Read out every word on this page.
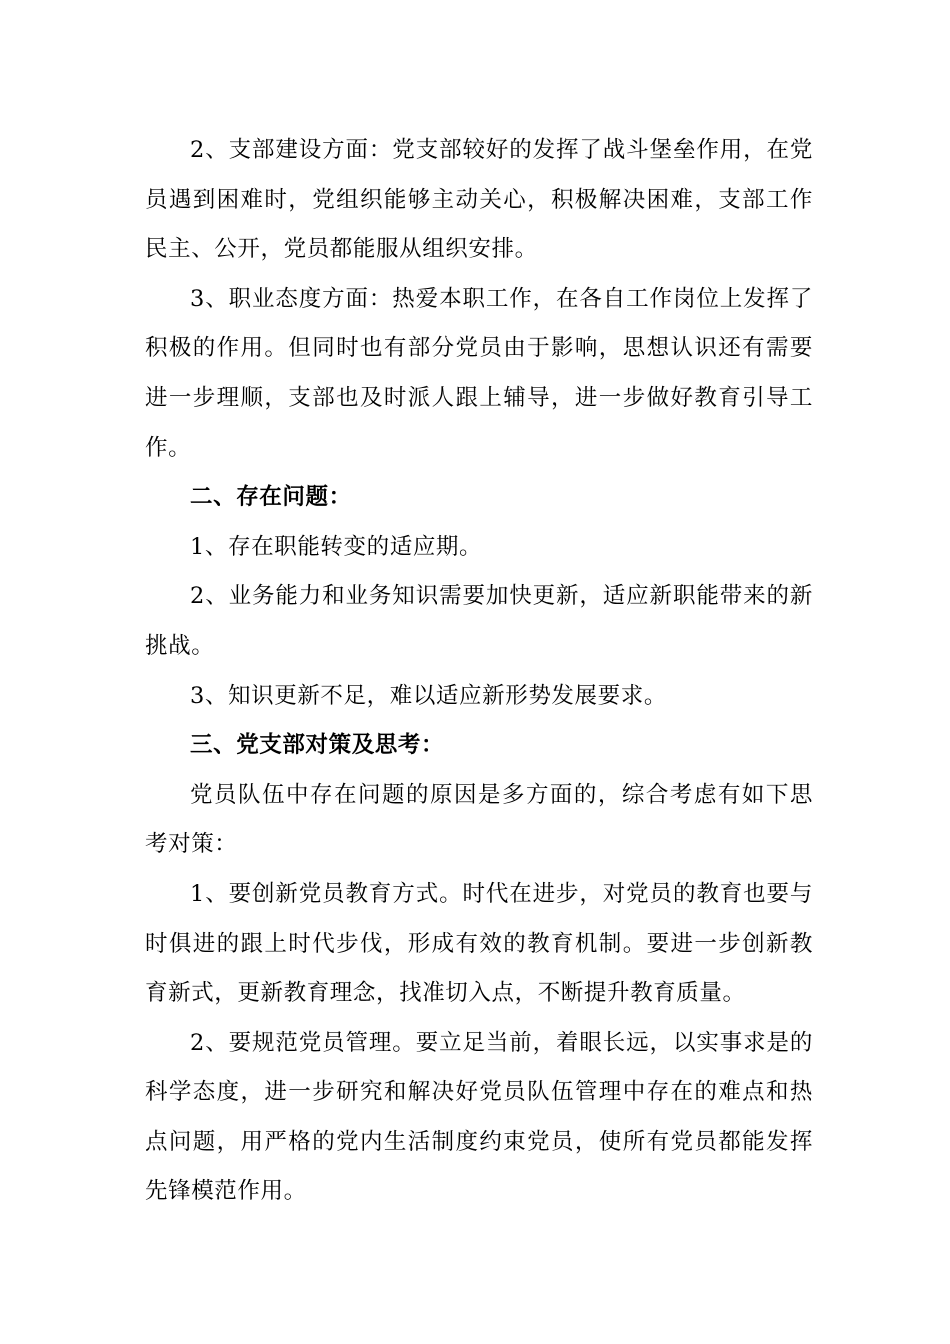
2、支部建设方面：党支部较好的发挥了战斗堡垒作用，在党员遇到困难时，党组织能够主动关心，积极解决困难，支部工作民主、公开，党员都能服从组织安排。

3、职业态度方面：热爱本职工作，在各自工作岗位上发挥了积极的作用。但同时也有部分党员由于影响，思想认识还有需要进一步理顺，支部也及时派人跟上辅导，进一步做好教育引导工作。

二、存在问题：

1、存在职能转变的适应期。

2、业务能力和业务知识需要加快更新，适应新职能带来的新挑战。

3、知识更新不足，难以适应新形势发展要求。

三、党支部对策及思考：

党员队伍中存在问题的原因是多方面的，综合考虑有如下思考对策：

1、要创新党员教育方式。时代在进步，对党员的教育也要与时俱进的跟上时代步伐，形成有效的教育机制。要进一步创新教育新式，更新教育理念，找准切入点，不断提升教育质量。

2、要规范党员管理。要立足当前，着眼长远，以实事求是的科学态度，进一步研究和解决好党员队伍管理中存在的难点和热点问题，用严格的党内生活制度约束党员，使所有党员都能发挥先锋模范作用。
